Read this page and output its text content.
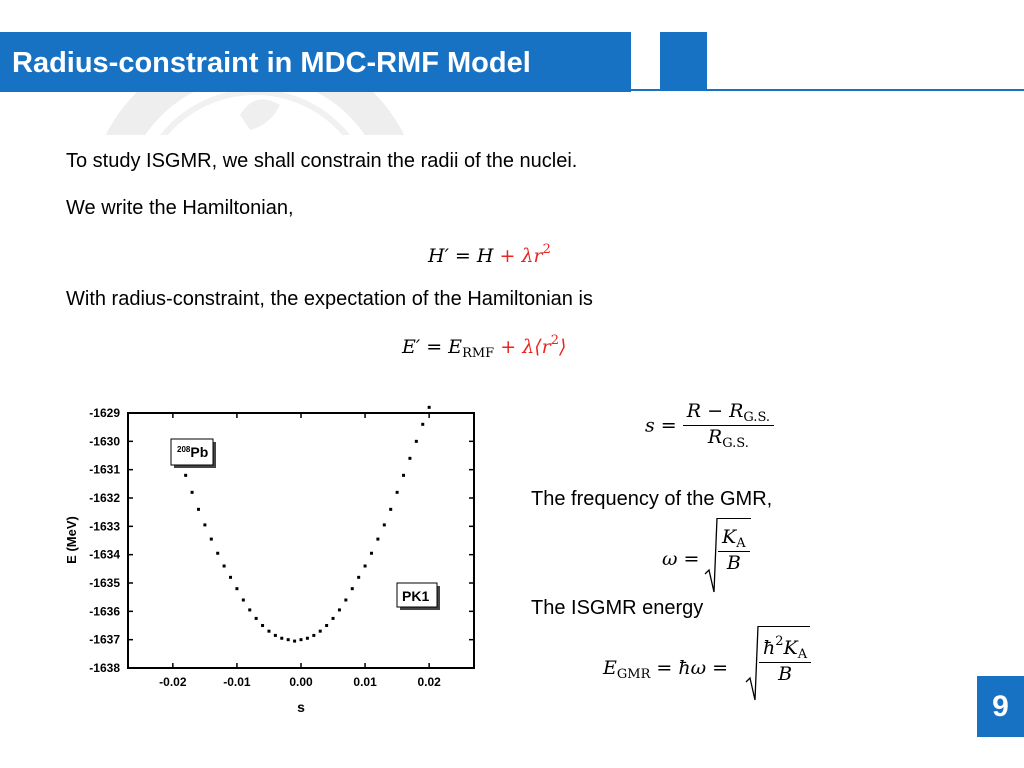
Radius-constraint in MDC-RMF Model
To study ISGMR, we shall constrain the radii of the nuclei.
We write the Hamiltonian,
$H' = H + \lambda r^2$
With radius-constraint, the expectation of the Hamiltonian is
$E' = E_{RMF}$ + $\lambda⟨r^2⟩$
$s = \frac{R - R_{G.S.}}{R_{G.S.}}$
The frequency of the GMR,
$\omega = \frac{K_A}{B}$
The ISGMR energy
$E_{GMR}$ = ħω = $\frac{ħ^2K_A}{B}$
-1629
-1630
-1631
-1632
-1633
-1634
-1635
-1636
-1637
-1638
-0.02	-0.01	0.00	0.01	0.02
E (MeV)
s
$^{208}$Pb
PK1
9
